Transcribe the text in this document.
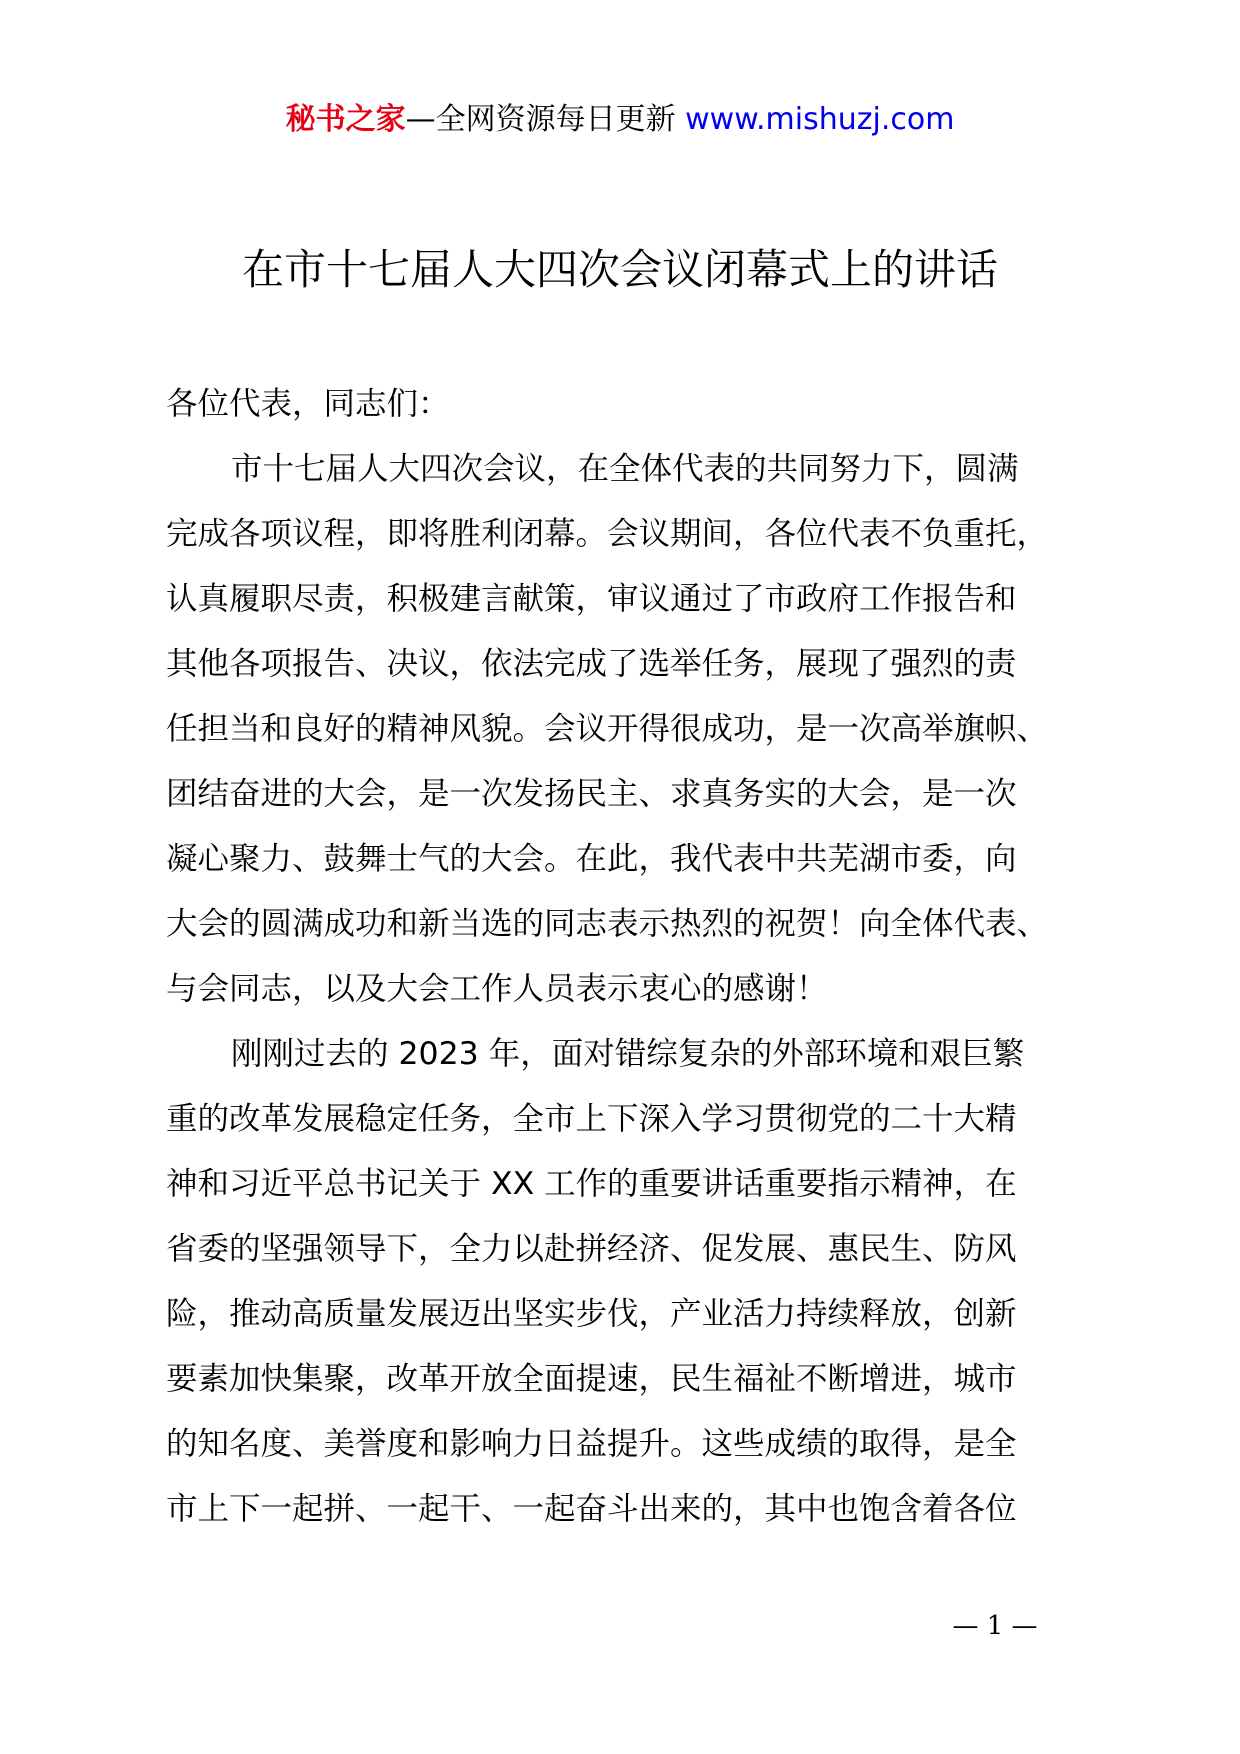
秘书之家—全网资源每日更新 www.mishuzj.com
在市十七届人大四次会议闭幕式上的讲话
各位代表，同志们：
市十七届人大四次会议，在全体代表的共同努力下，圆满
完成各项议程，即将胜利闭幕。会议期间，各位代表不负重托，
认真履职尽责，积极建言献策，审议通过了市政府工作报告和
其他各项报告、决议，依法完成了选举任务，展现了强烈的责
任担当和良好的精神风貌。会议开得很成功，是一次高举旗帜、
团结奋进的大会，是一次发扬民主、求真务实的大会，是一次
凝心聚力、鼓舞士气的大会。在此，我代表中共芜湖市委，向
大会的圆满成功和新当选的同志表示热烈的祝贺！向全体代表、
与会同志，以及大会工作人员表示衷心的感谢！
刚刚过去的 2023 年，面对错综复杂的外部环境和艰巨繁
重的改革发展稳定任务，全市上下深入学习贯彻党的二十大精
神和习近平总书记关于 XX 工作的重要讲话重要指示精神，在
省委的坚强领导下，全力以赴拼经济、促发展、惠民生、防风
险，推动高质量发展迈出坚实步伐，产业活力持续释放，创新
要素加快集聚，改革开放全面提速，民生福祉不断增进，城市
的知名度、美誉度和影响力日益提升。这些成绩的取得，是全
市上下一起拼、一起干、一起奋斗出来的，其中也饱含着各位
— 1 —
